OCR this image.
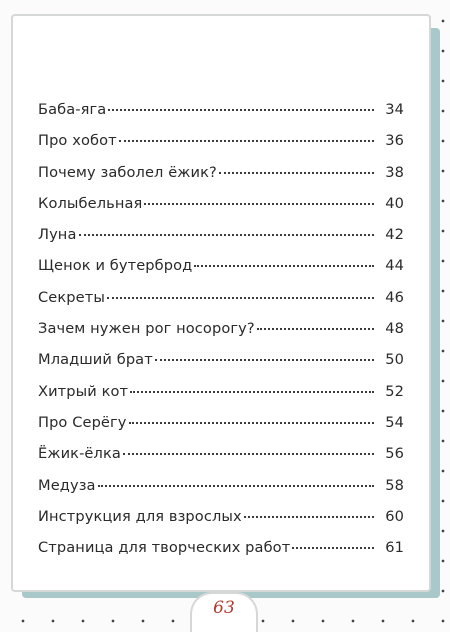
Баба-яга	34
Про хобот	36
Почему заболел ёжик?	38
Колыбельная	40
Луна	42
Щенок и бутерброд	44
Секреты	46
Зачем нужен рог носорогу?	48
Младший брат	50
Хитрый кот	52
Про Серёгу	54
Ёжик-ёлка	56
Медуза	58
Инструкция для взрослых	60
Страница для творческих работ	61
63
